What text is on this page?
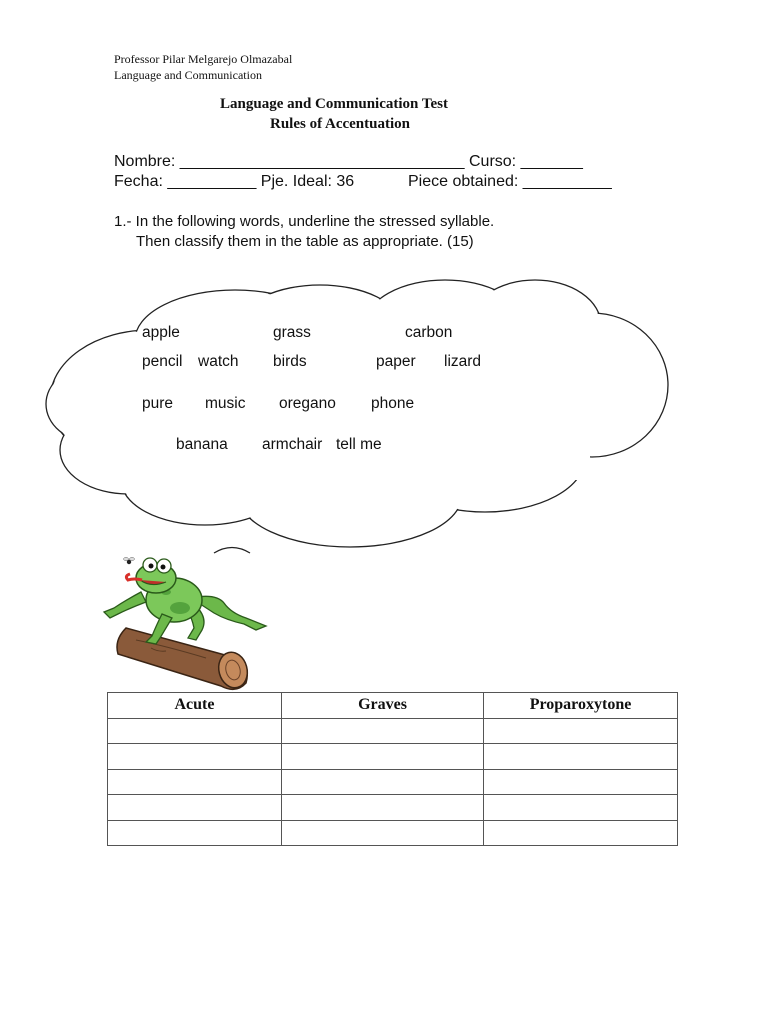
Professor Pilar Melgarejo Olmazabal
Language and Communication
Language and Communication Test
Rules of Accentuation
Nombre: ________________________________ Curso: _______
Fecha: __________ Pje. Ideal: 36	Piece obtained: __________
1.- In the following words, underline the stressed syllable.
Then classify them in the table as appropriate. (15)
apple	grass	carbon
pencil watch birds	paper lizard
pure music oregano phone
banana armchair tell me
Acute	Graves	Proparoxytone
